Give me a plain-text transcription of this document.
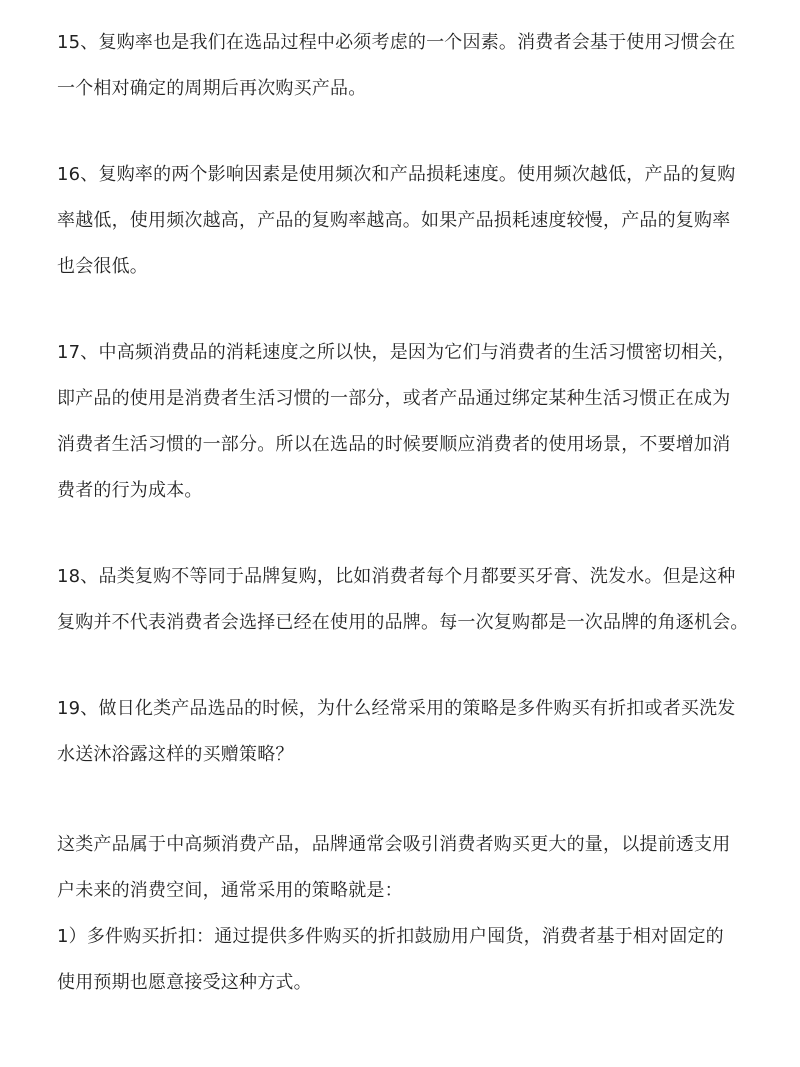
15、复购率也是我们在选品过程中必须考虑的一个因素。消费者会基于使用习惯会在
一个相对确定的周期后再次购买产品。

16、复购率的两个影响因素是使用频次和产品损耗速度。使用频次越低，产品的复购
率越低，使用频次越高，产品的复购率越高。如果产品损耗速度较慢，产品的复购率
也会很低。

17、中高频消费品的消耗速度之所以快，是因为它们与消费者的生活习惯密切相关，
即产品的使用是消费者生活习惯的一部分，或者产品通过绑定某种生活习惯正在成为
消费者生活习惯的一部分。所以在选品的时候要顺应消费者的使用场景，不要增加消
费者的行为成本。

18、品类复购不等同于品牌复购，比如消费者每个月都要买牙膏、洗发水。但是这种
复购并不代表消费者会选择已经在使用的品牌。每一次复购都是一次品牌的角逐机会。

19、做日化类产品选品的时候，为什么经常采用的策略是多件购买有折扣或者买洗发
水送沐浴露这样的买赠策略？

这类产品属于中高频消费产品，品牌通常会吸引消费者购买更大的量，以提前透支用
户未来的消费空间，通常采用的策略就是：
1）多件购买折扣：通过提供多件购买的折扣鼓励用户囤货，消费者基于相对固定的
使用预期也愿意接受这种方式。
